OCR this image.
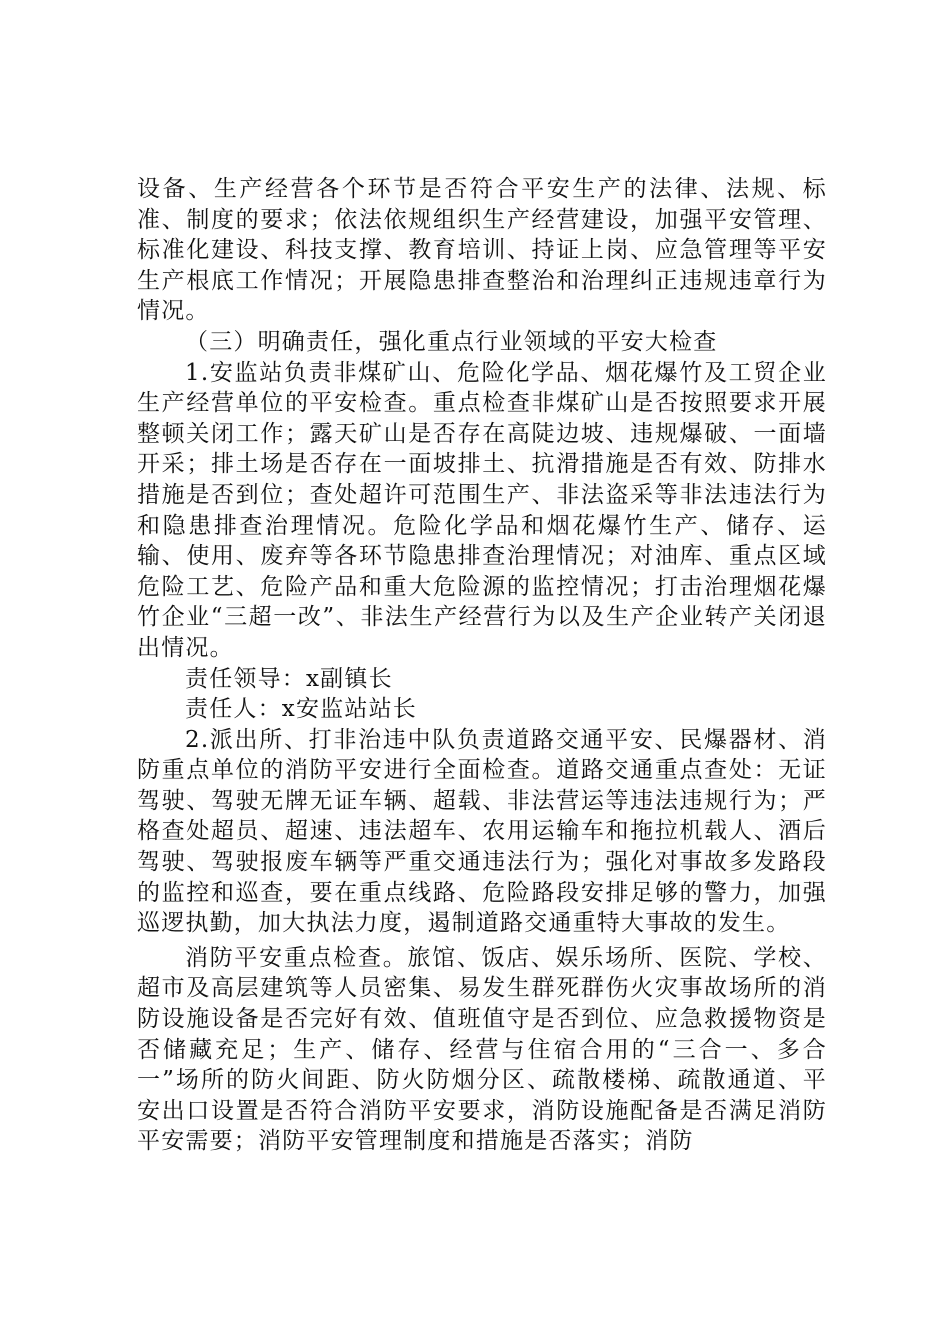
设备、生产经营各个环节是否符合平安生产的法律、法规、标准、制度的要求；依法依规组织生产经营建设，加强平安管理、标准化建设、科技支撑、教育培训、持证上岗、应急管理等平安生产根底工作情况；开展隐患排查整治和治理纠正违规违章行为情况。

（三）明确责任，强化重点行业领域的平安大检查

1.安监站负责非煤矿山、危险化学品、烟花爆竹及工贸企业生产经营单位的平安检查。重点检查非煤矿山是否按照要求开展整顿关闭工作；露天矿山是否存在高陡边坡、违规爆破、一面墙开采；排土场是否存在一面坡排土、抗滑措施是否有效、防排水措施是否到位；查处超许可范围生产、非法盗采等非法违法行为和隐患排查治理情况。危险化学品和烟花爆竹生产、储存、运输、使用、废弃等各环节隐患排查治理情况；对油库、重点区域危险工艺、危险产品和重大危险源的监控情况；打击治理烟花爆竹企业“三超一改”、非法生产经营行为以及生产企业转产关闭退出情况。

责任领导：x副镇长

责任人：x安监站站长

2.派出所、打非治违中队负责道路交通平安、民爆器材、消防重点单位的消防平安进行全面检查。道路交通重点查处：无证驾驶、驾驶无牌无证车辆、超载、非法营运等违法违规行为；严格查处超员、超速、违法超车、农用运输车和拖拉机载人、酒后驾驶、驾驶报废车辆等严重交通违法行为；强化对事故多发路段的监控和巡查，要在重点线路、危险路段安排足够的警力，加强巡逻执勤，加大执法力度，遏制道路交通重特大事故的发生。

消防平安重点检查。旅馆、饭店、娱乐场所、医院、学校、超市及高层建筑等人员密集、易发生群死群伤火灾事故场所的消防设施设备是否完好有效、值班值守是否到位、应急救援物资是否储藏充足；生产、储存、经营与住宿合用的“三合一、多合一”场所的防火间距、防火防烟分区、疏散楼梯、疏散通道、平安出口设置是否符合消防平安要求，消防设施配备是否满足消防平安需要；消防平安管理制度和措施是否落实；消防
